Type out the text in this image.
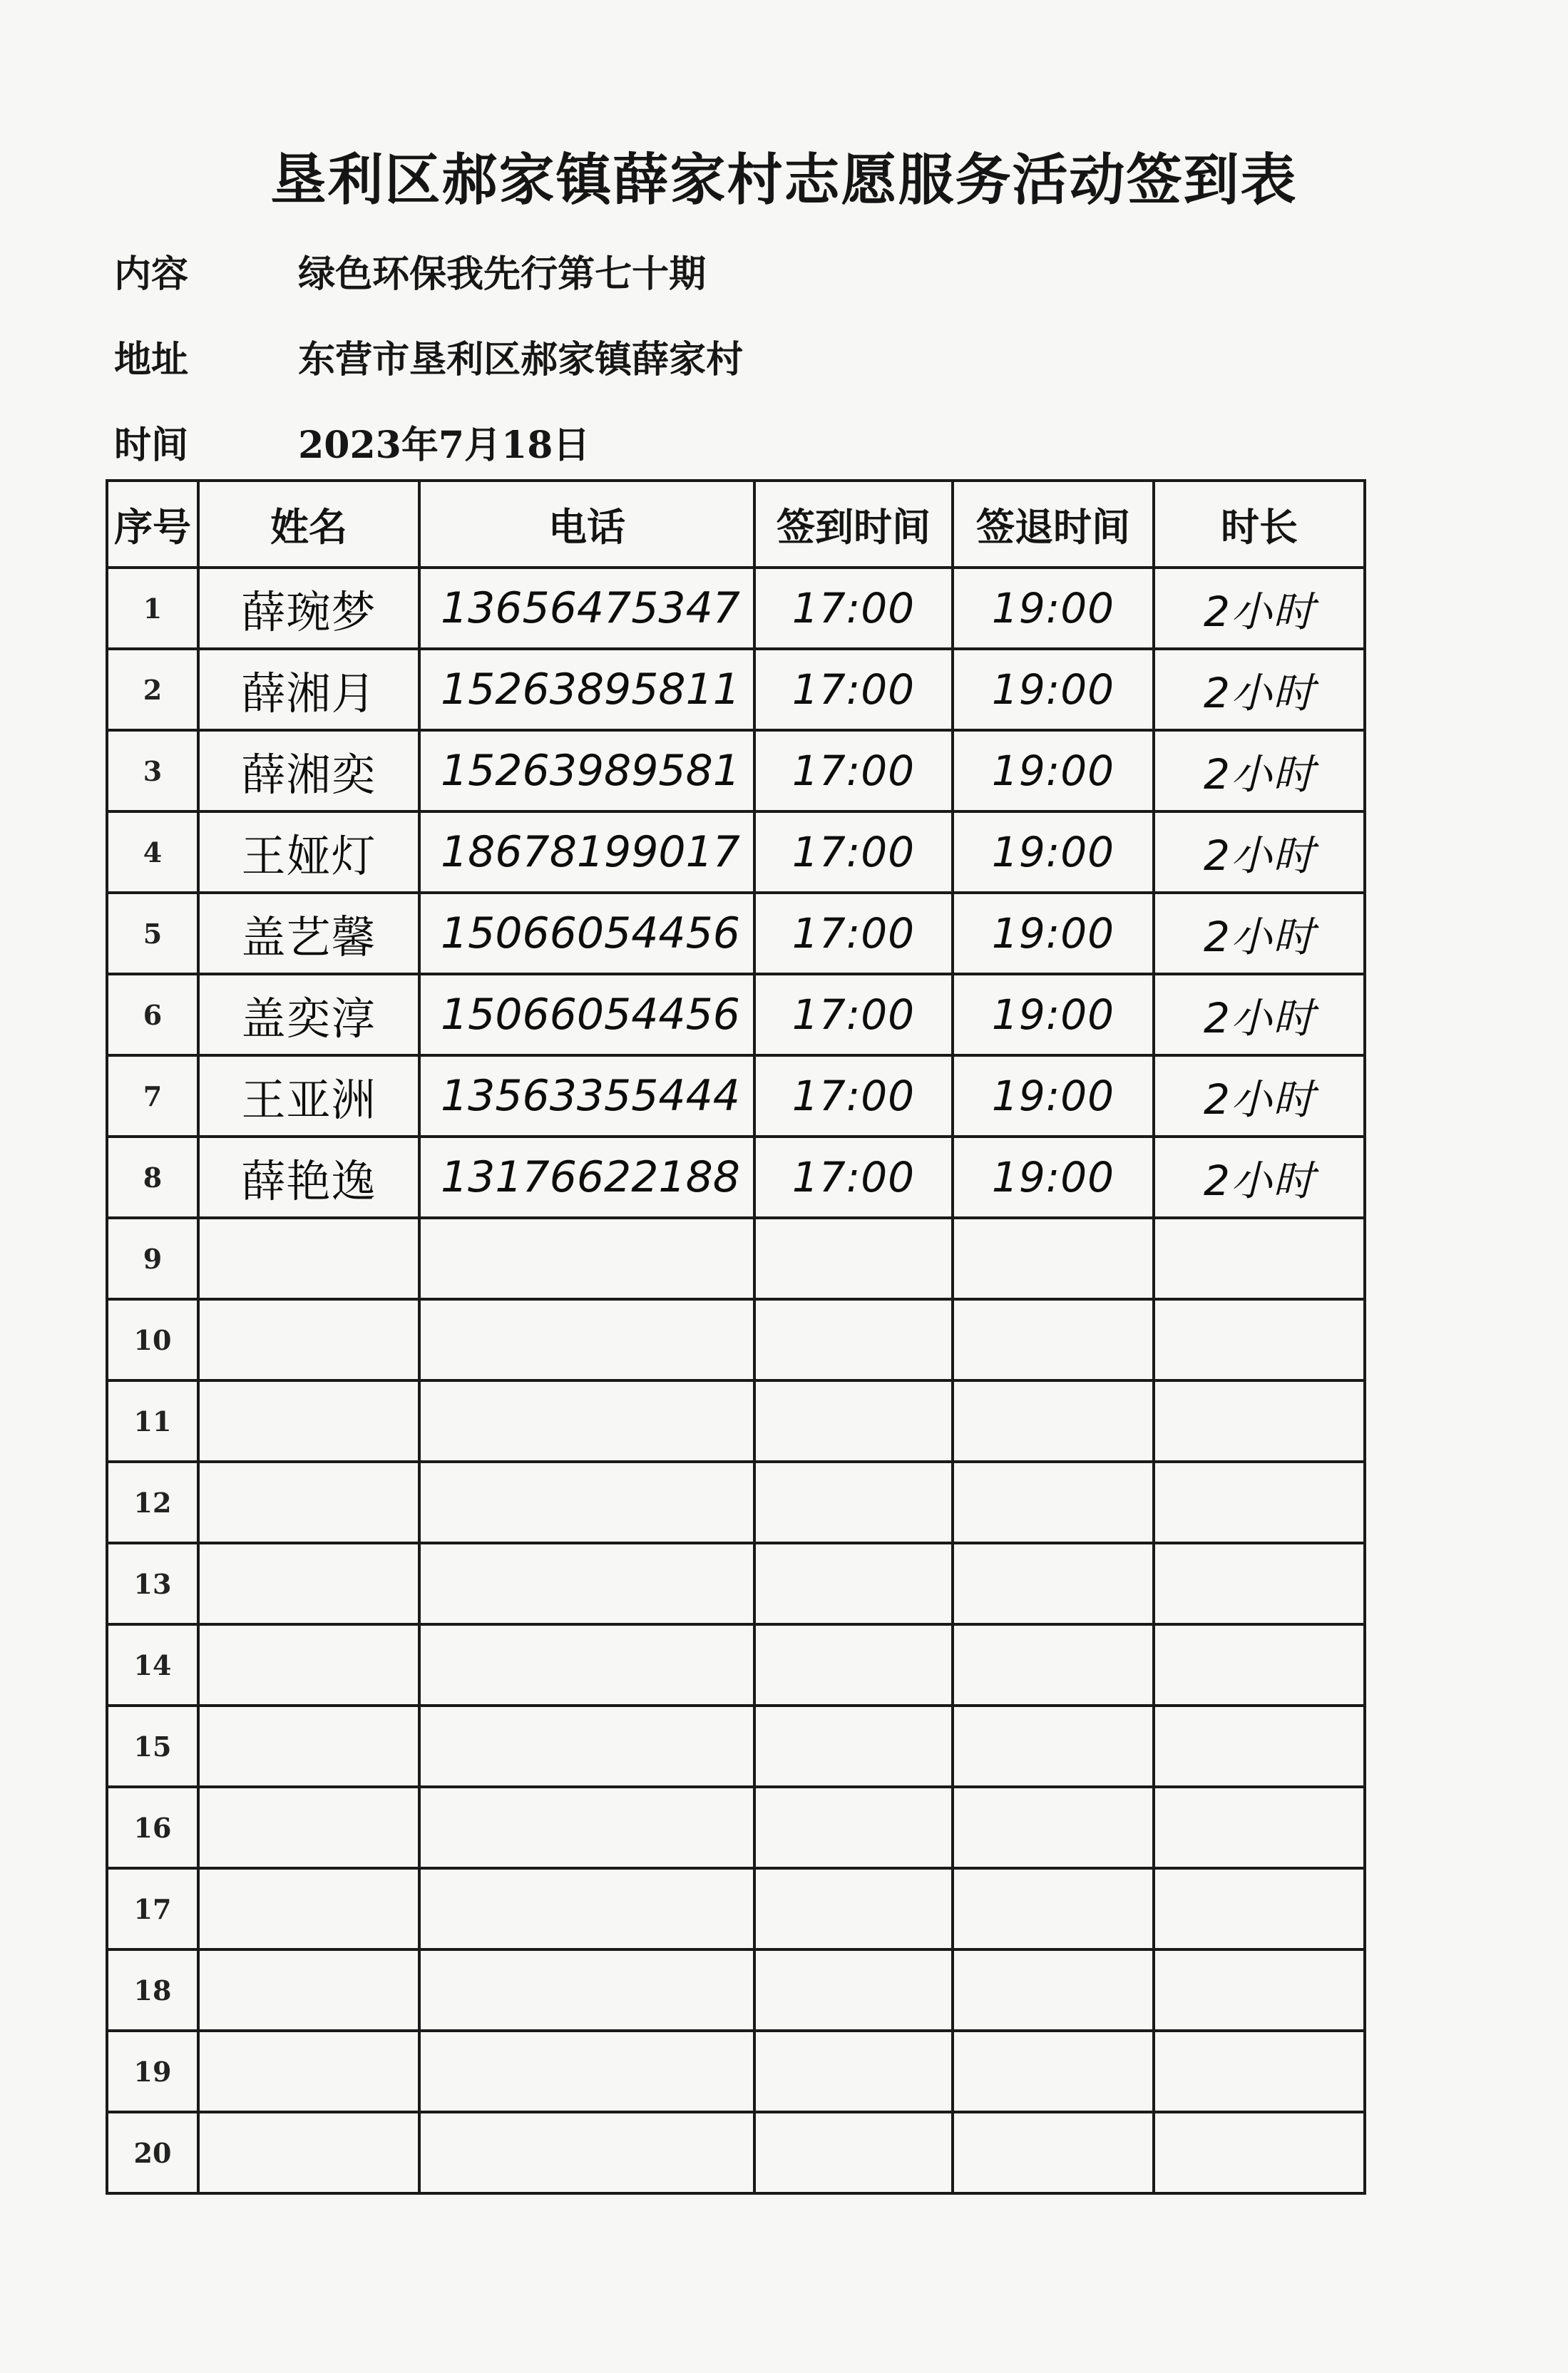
垦利区郝家镇薛家村志愿服务活动签到表
内容	绿色环保我先行第七十期
地址	东营市垦利区郝家镇薛家村
时间	2023年7月18日
序号	姓名	电话	签到时间	签退时间	时长
1	薛琬梦	13656475347	17:00	19:00	2小时
2	薛湘月	15263895811	17:00	19:00	2小时
3	薛湘奕	15263989581	17:00	19:00	2小时
4	王娅灯	18678199017	17:00	19:00	2小时
5	盖艺馨	15066054456	17:00	19:00	2小时
6	盖奕淳	15066054456	17:00	19:00	2小时
7	王亚洲	13563355444	17:00	19:00	2小时
8	薛艳逸	13176622188	17:00	19:00	2小时
9					
10					
11					
12					
13					
14					
15					
16					
17					
18					
19					
20					
